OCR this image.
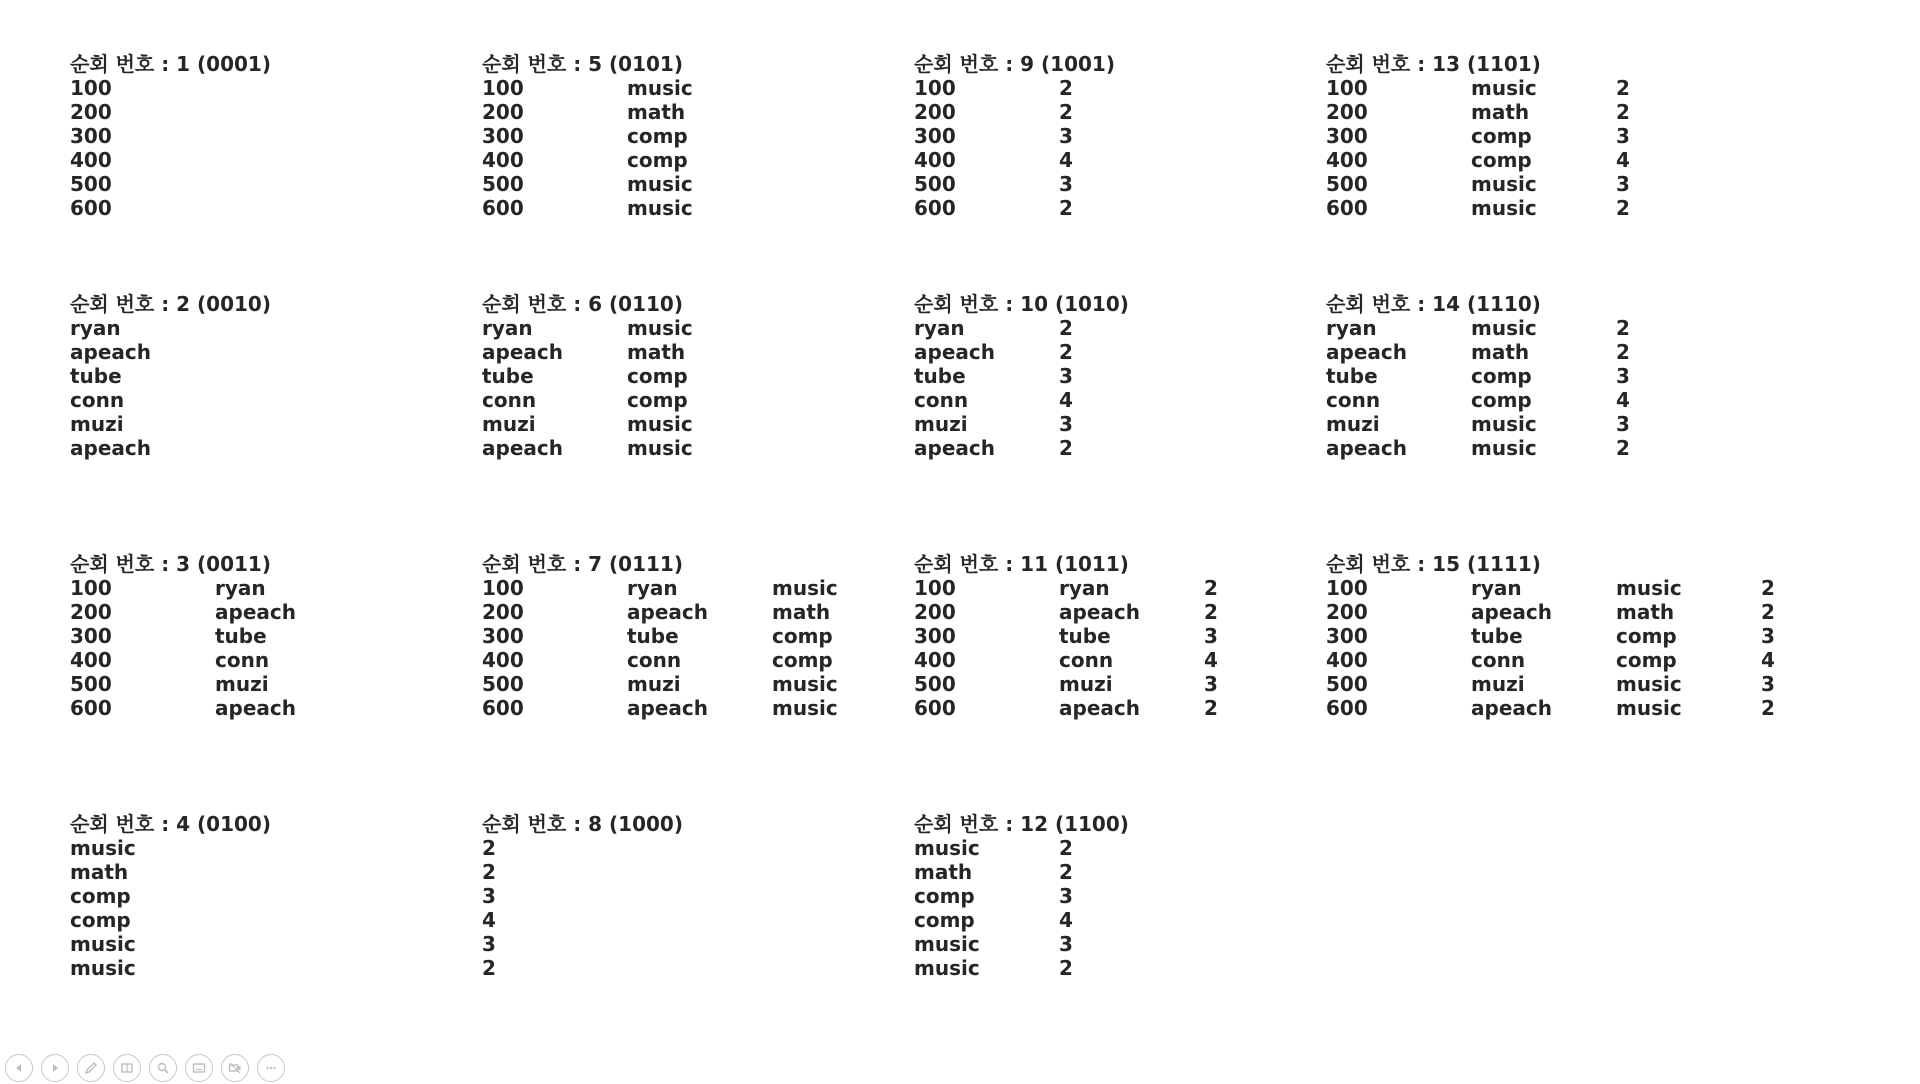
순회 번호 : 1 (0001)
100
200
300
400
500
600
순회 번호 : 2 (0010)
ryan
apeach
tube
conn
muzi
apeach
순회 번호 : 3 (0011)
100	ryan
200	apeach
300	tube
400	conn
500	muzi
600	apeach
순회 번호 : 4 (0100)
music
math
comp
comp
music
music
순회 번호 : 5 (0101)
100	music
200	math
300	comp
400	comp
500	music
600	music
순회 번호 : 6 (0110)
ryan	music
apeach	math
tube	comp
conn	comp
muzi	music
apeach	music
순회 번호 : 7 (0111)
100	ryan	music
200	apeach	math
300	tube	comp
400	conn	comp
500	muzi	music
600	apeach	music
순회 번호 : 8 (1000)
2
2
3
4
3
2
순회 번호 : 9 (1001)
100	2
200	2
300	3
400	4
500	3
600	2
순회 번호 : 10 (1010)
ryan	2
apeach	2
tube	3
conn	4
muzi	3
apeach	2
순회 번호 : 11 (1011)
100	ryan	2
200	apeach	2
300	tube	3
400	conn	4
500	muzi	3
600	apeach	2
순회 번호 : 12 (1100)
music	2
math	2
comp	3
comp	4
music	3
music	2
순회 번호 : 13 (1101)
100	music	2
200	math	2
300	comp	3
400	comp	4
500	music	3
600	music	2
순회 번호 : 14 (1110)
ryan	music	2
apeach	math	2
tube	comp	3
conn	comp	4
muzi	music	3
apeach	music	2
순회 번호 : 15 (1111)
100	ryan	music	2
200	apeach	math	2
300	tube	comp	3
400	conn	comp	4
500	muzi	music	3
600	apeach	music	2
